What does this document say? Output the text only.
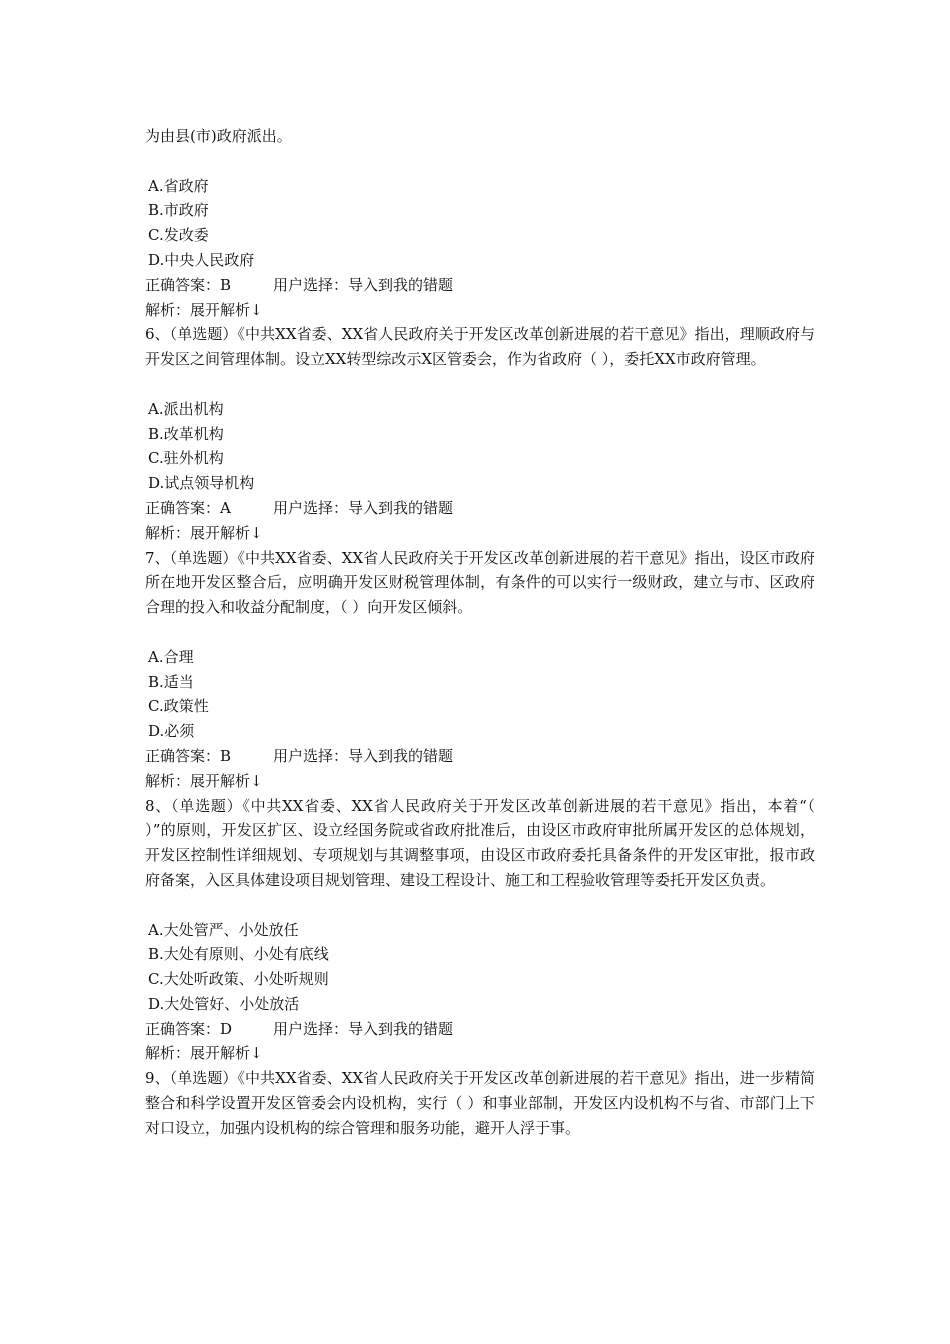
为由县(市)政府派出。

A.省政府

B.市政府

C.发改委

D.中央人民政府

正确答案：B	用户选择：导入到我的错题

解析：展开解析↓

6、（单选题）《中共XX省委、XX省人民政府关于开发区改革创新进展的若干意见》指出，理顺政府与开发区之间管理体制。设立XX转型综改示X区管委会，作为省政府（ ），委托XX市政府管理。

A.派出机构

B.改革机构

C.驻外机构

D.试点领导机构

正确答案：A	用户选择：导入到我的错题

解析：展开解析↓

7、（单选题）《中共XX省委、XX省人民政府关于开发区改革创新进展的若干意见》指出，设区市政府所在地开发区整合后，应明确开发区财税管理体制，有条件的可以实行一级财政，建立与市、区政府合理的投入和收益分配制度，（ ）向开发区倾斜。

A.合理

B.适当

C.政策性

D.必须

正确答案：B	用户选择：导入到我的错题

解析：展开解析↓

8、（单选题）《中共XX省委、XX省人民政府关于开发区改革创新进展的若干意见》指出，本着“（ ）”的原则，开发区扩区、设立经国务院或省政府批准后，由设区市政府审批所属开发区的总体规划，开发区控制性详细规划、专项规划与其调整事项，由设区市政府委托具备条件的开发区审批，报市政府备案，入区具体建设项目规划管理、建设工程设计、施工和工程验收管理等委托开发区负责。

A.大处管严、小处放任

B.大处有原则、小处有底线

C.大处听政策、小处听规则

D.大处管好、小处放活

正确答案：D	用户选择：导入到我的错题

解析：展开解析↓

9、（单选题）《中共XX省委、XX省人民政府关于开发区改革创新进展的若干意见》指出，进一步精简整合和科学设置开发区管委会内设机构，实行（ ）和事业部制，开发区内设机构不与省、市部门上下对口设立，加强内设机构的综合管理和服务功能，避开人浮于事。
